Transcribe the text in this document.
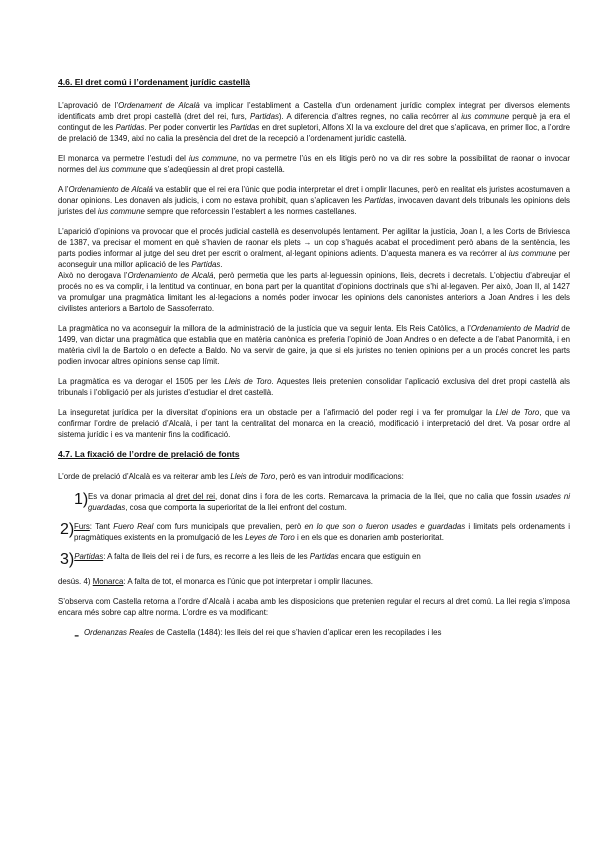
4.6. El dret comú i l’ordenament jurídic castellà

L’aprovació de l’Ordenament de Alcalà va implicar l’establiment a Castella d’un ordenament jurídic complex integrat per diversos elements identificats amb dret propi castellà (dret del rei, furs, Partidas). A diferencia d’altres regnes, no calia recórrer al ius commune perquè ja era el contingut de les Partidas. Per poder convertir les Partidas en dret supletori, Alfons XI la va excloure del dret que s’aplicava, en primer lloc, a l’ordre de prelació de 1349, així no calia la presència del dret de la recepció a l’ordenament jurídic castellà.

El monarca va permetre l’estudi del ius commune, no va permetre l’ús en els litigis però no va dir res sobre la possibilitat de raonar o invocar normes del ius commune que s’adeqüessin al dret propi castellà.

A l’Ordenamiento de Alcalá va establir que el rei era l’únic que podia interpretar el dret i omplir llacunes, però en realitat els juristes acostumaven a donar opinions. Les donaven als judicis, i com no estava prohibit, quan s’aplicaven les Partidas, invocaven davant dels tribunals les opinions dels juristes del ius commune sempre que reforcessin l’establert a les normes castellanes.

L’aparició d’opinions va provocar que el procés judicial castellà es desenvolupés lentament. Per agilitar la justícia, Joan I, a les Corts de Briviesca de 1387, va precisar el moment en què s’havien de raonar els plets → un cop s’hagués acabat el procediment però abans de la sentència, les parts podies informar al jutge del seu dret per escrit o oralment, al·legant opinions adients. D’aquesta manera es va recórrer al ius commune per aconseguir una millor aplicació de les Partidas.

Això no derogava l’Ordenamiento de Alcalá, però permetia que les parts al·leguessin opinions, lleis, decrets i decretals. L’objectiu d’abreujar el procés no es va complir, i la lentitud va continuar, en bona part per la quantitat d’opinions doctrinals que s’hi al·legaven. Per això, Joan II, al 1427 va promulgar una pragmàtica limitant les al·legacions a només poder invocar les opinions dels canonistes anteriors a Joan Andres i les dels civilistes anteriors a Bartolo de Sassoferrato.

La pragmàtica no va aconseguir la millora de la administració de la justícia que va seguir lenta. Els Reis Catòlics, a l’Ordenamiento de Madrid de 1499, van dictar una pragmàtica que establia que en matèria canònica es preferia l’opinió de Joan Andres o en defecte a de l’abat Panormità, i en matèria civil la de Bartolo o en defecte a Baldo. No va servir de gaire, ja que si els juristes no tenien opinions per a un procés concret les parts podien invocar altres opinions sense cap límit.

La pragmàtica es va derogar el 1505 per les Lleis de Toro. Aquestes lleis pretenien consolidar l’aplicació exclusiva del dret propi castellà als tribunals i l’obligació per als juristes d’estudiar el dret castellà.

La inseguretat jurídica per la diversitat d’opinions era un obstacle per a l’afirmació del poder regi i va fer promulgar la Llei de Toro, que va confirmar l’ordre de prelació d’Alcalà, i per tant la centralitat del monarca en la creació, modificació i interpretació del dret. Va posar ordre al sistema jurídic i es va mantenir fins la codificació.

4.7. La fixació de l’ordre de prelació de fonts

L’orde de prelació d’Alcalà es va reiterar amb les Lleis de Toro, però es van introduir modificacions:

1) Es va donar primacia al dret del rei, donat dins i fora de les corts. Remarcava la primacia de la llei, que no calia que fossin usades ni guardadas, cosa que comporta la superioritat de la llei enfront del costum.

2) Furs: Tant Fuero Real com furs municipals que prevalien, però en lo que son o fueron usades e guardadas i limitats pels ordenaments i pragmàtiques existents en la promulgació de les Leyes de Toro i en els que es donarien amb posterioritat.

3) Partidas: A falta de lleis del rei i de furs, es recorre a les lleis de les Partidas encara que estiguin en

desús. 4) Monarca: A falta de tot, el monarca es l’únic que pot interpretar i omplir llacunes.

S’observa com Castella retorna a l’ordre d’Alcalà i acaba amb les disposicions que pretenien regular el recurs al dret comú. La llei regia s’imposa encara més sobre cap altre norma. L’ordre es va modificant:

- Ordenanzas Reales de Castella (1484): les lleis del rei que s’havien d’aplicar eren les recopilades i les
